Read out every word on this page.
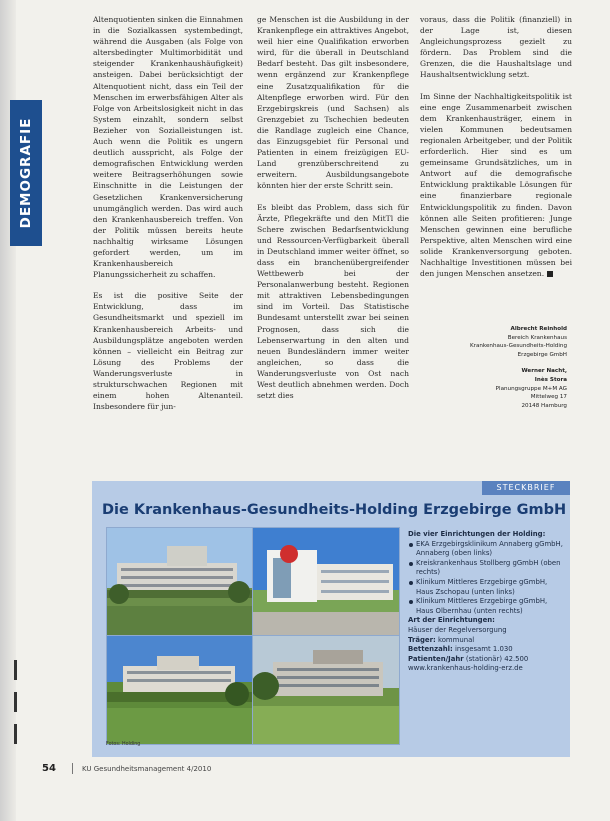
DEMOGRAFIE

Altenquotienten sinken die Einnahmen in die Sozialkassen systembedingt, während die Ausgaben (als Folge von altersbedingter Multimorbidität und steigender Krankenhaushäufigkeit) ansteigen. Dabei berücksichtigt der Altenquotient nicht, dass ein Teil der Menschen im erwerbsfähigen Alter als Folge von Arbeitslosigkeit nicht in das System einzahlt, sondern selbst Bezieher von Sozialleistungen ist. Auch wenn die Politik es ungern deutlich ausspricht, als Folge der demografischen Entwicklung werden weitere Beitragserhöhungen sowie Einschnitte in die Leistungen der Gesetzlichen Krankenversicherung unumgänglich werden. Das wird auch den Krankenhausbereich treffen. Von der Politik müssen bereits heute nachhaltig wirksame Lösungen gefordert werden, um im Krankenhausbereich Planungssicherheit zu schaffen.

Es ist die positive Seite der Entwicklung, dass im Gesundheitsmarkt und speziell im Krankenhausbereich Arbeits- und Ausbildungsplätze angeboten werden können – vielleicht ein Beitrag zur Lösung des Problems der Wanderungsverluste in strukturschwachen Regionen mit einem hohen Altenanteil. Insbesondere für jun-

ge Menschen ist die Ausbildung in der Krankenpflege ein attraktives Angebot, weil hier eine Qualifikation erworben wird, für die überall in Deutschland Bedarf besteht. Das gilt insbesondere, wenn ergänzend zur Krankenpflege eine Zusatzqualifikation für die Altenpflege erworben wird. Für den Erzgebirgskreis (und Sachsen) als Grenzgebiet zu Tschechien bedeuten die Randlage zugleich eine Chance, das Einzugsgebiet für Personal und Patienten in einem freizügigen EU-Land grenzüberschreitend zu erweitern. Ausbildungsangebote könnten hier der erste Schritt sein.

Es bleibt das Problem, dass sich für Ärzte, Pflegekräfte und den MitTl die Schere zwischen Bedarfsentwicklung und Ressourcen-Verfügbarkeit überall in Deutschland immer weiter öffnet, so dass ein branchenübergreifender Wettbewerb bei der Personalanwerbung besteht. Regionen mit attraktiven Lebensbedingungen sind im Vorteil. Das Statistische Bundesamt unterstellt zwar bei seinen Prognosen, dass sich die Lebenserwartung in den alten und neuen Bundesländern immer weiter angleichen, so dass die Wanderungsverluste von Ost nach West deutlich abnehmen werden. Doch setzt dies

voraus, dass die Politik (finanziell) in der Lage ist, diesen Angleichungsprozess gezielt zu fördern. Das Problem sind die Grenzen, die die Haushaltslage und Haushaltsentwicklung setzt.

Im Sinne der Nachhaltigkeitspolitik ist eine enge Zusammenarbeit zwischen dem Krankenhausträger, einem in vielen Kommunen bedeutsamen regionalen Arbeitgeber, und der Politik erforderlich. Hier sind es um gemeinsame Grundsätzliches, um in Antwort auf die demografische Entwicklung praktikable Lösungen für eine finanzierbare regionale Entwicklungspolitik zu finden. Davon können alle Seiten profitieren: Junge Menschen gewinnen eine berufliche Perspektive, alten Menschen wird eine solide Krankenversorgung geboten. Nachhaltige Investitionen müssen bei den jungen Menschen ansetzen.

Albrecht Reinhold
Bereich Krankenhaus
Krankenhaus-Gesundheits-Holding
Erzgebirge GmbH
Werner Nacht,
Inès Stora
Planungsgruppe M+M AG
Mittelweg 17
20148 Hamburg
STECKBRIEF
Die Krankenhaus-Gesundheits-Holding Erzgebirge GmbH
Fotos: Holding
Die vier Einrichtungen der Holding:
EKA Erzgebirgsklinikum Annaberg gGmbH, Annaberg (oben links)
Kreiskrankenhaus Stollberg gGmbH (oben rechts)
Klinikum Mittleres Erzgebirge gGmbH, Haus Zschopau (unten links)
Klinikum Mittleres Erzgebirge gGmbH, Haus Olbernhau (unten rechts)
Art der Einrichtungen:
Häuser der Regelversorgung
Träger: kommunal
Bettenzahl: insgesamt 1.030
Patienten/Jahr (stationär) 42.500
www.krankenhaus-holding-erz.de
54	KU Gesundheitsmanagement 4/2010
